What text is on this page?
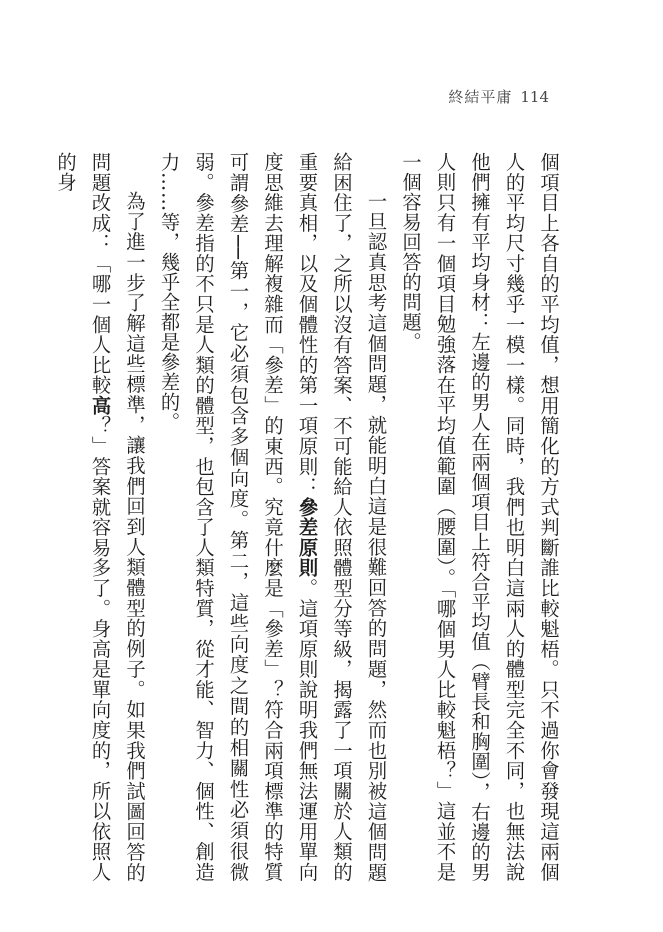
終結平庸 114

個項目上各自的平均值，想用簡化的方式判斷誰比較魁梧。只不過你會發現這兩個人的平均尺寸幾乎一模一樣。同時，我們也明白這兩人的體型完全不同，也無法說他們擁有平均身材：左邊的男人在兩個項目上符合平均值（臂長和胸圍），右邊的男人則只有一個項目勉強落在平均值範圍（腰圍）。「哪個男人比較魁梧？」這並不是一個容易回答的問題。

一旦認真思考這個問題，就能明白這是很難回答的問題，然而也別被這個問題給困住了，之所以沒有答案、不可能給人依照體型分等級，揭露了一項關於人類的重要真相，以及個體性的第一項原則：參差原則。這項原則說明我們無法運用單向度思維去理解複雜而「參差」的東西。究竟什麼是「參差」？符合兩項標準的特質可謂參差──第一，它必須包含多個向度。第二，這些向度之間的相關性必須很微弱。參差指的不只是人類的體型，也包含了人類特質，從才能、智力、個性、創造力……等，幾乎全都是參差的。

為了進一步了解這些標準，讓我們回到人類體型的例子。如果我們試圖回答的問題改成：「哪一個人比較高？」答案就容易多了。身高是單向度的，所以依照人的身
